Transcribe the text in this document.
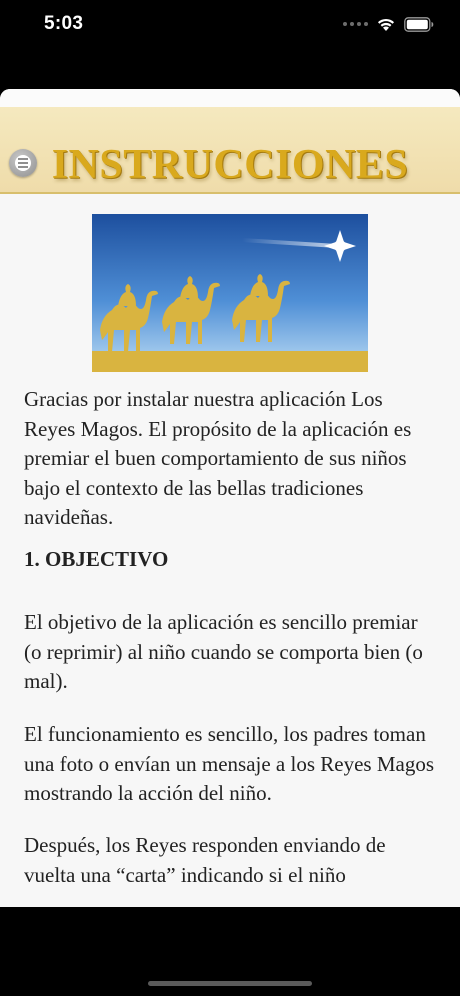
5:03
INSTRUCCIONES

Gracias por instalar nuestra aplicación Los Reyes Magos. El propósito de la aplicación es premiar el buen comportamiento de sus niños bajo el contexto de las bellas tradiciones navideñas.

1. OBJECTIVO

El objetivo de la aplicación es sencillo premiar (o reprimir) al niño cuando se comporta bien (o mal).

El funcionamiento es sencillo, los padres toman una foto o envían un mensaje a los Reyes Magos mostrando la acción del niño.

Después, los Reyes responden enviando de vuelta una “carta” indicando si el niño
